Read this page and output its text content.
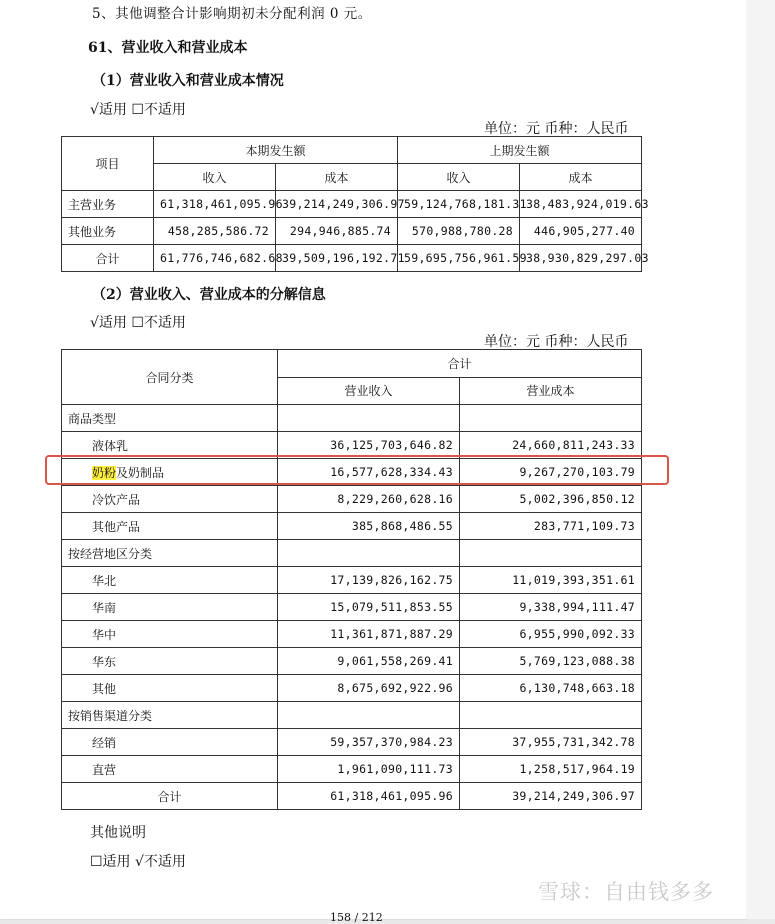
5、其他调整合计影响期初未分配利润 0 元。
61、营业收入和营业成本
（1）营业收入和营业成本情况
√适用 ☐不适用
单位：元 币种：人民币
项目	本期发生额		上期发生额	
	收入	成本	收入	成本
主营业务	61,318,461,095.96	39,214,249,306.97	59,124,768,181.31	38,483,924,019.63
其他业务	458,285,586.72	294,946,885.74	570,988,780.28	446,905,277.40
合计	61,776,746,682.68	39,509,196,192.71	59,695,756,961.59	38,930,829,297.03
（2）营业收入、营业成本的分解信息
√适用 ☐不适用
单位：元 币种：人民币
合同分类	合计	
	营业收入	营业成本
商品类型		
液体乳	36,125,703,646.82	24,660,811,243.33
奶粉及奶制品	16,577,628,334.43	9,267,270,103.79
冷饮产品	8,229,260,628.16	5,002,396,850.12
其他产品	385,868,486.55	283,771,109.73
按经营地区分类		
华北	17,139,826,162.75	11,019,393,351.61
华南	15,079,511,853.55	9,338,994,111.47
华中	11,361,871,887.29	6,955,990,092.33
华东	9,061,558,269.41	5,769,123,088.38
其他	8,675,692,922.96	6,130,748,663.18
按销售渠道分类		
经销	59,357,370,984.23	37,955,731,342.78
直营	1,961,090,111.73	1,258,517,964.19
合计	61,318,461,095.96	39,214,249,306.97
其他说明
☐适用 √不适用
158 / 212
雪球：自由钱多多
